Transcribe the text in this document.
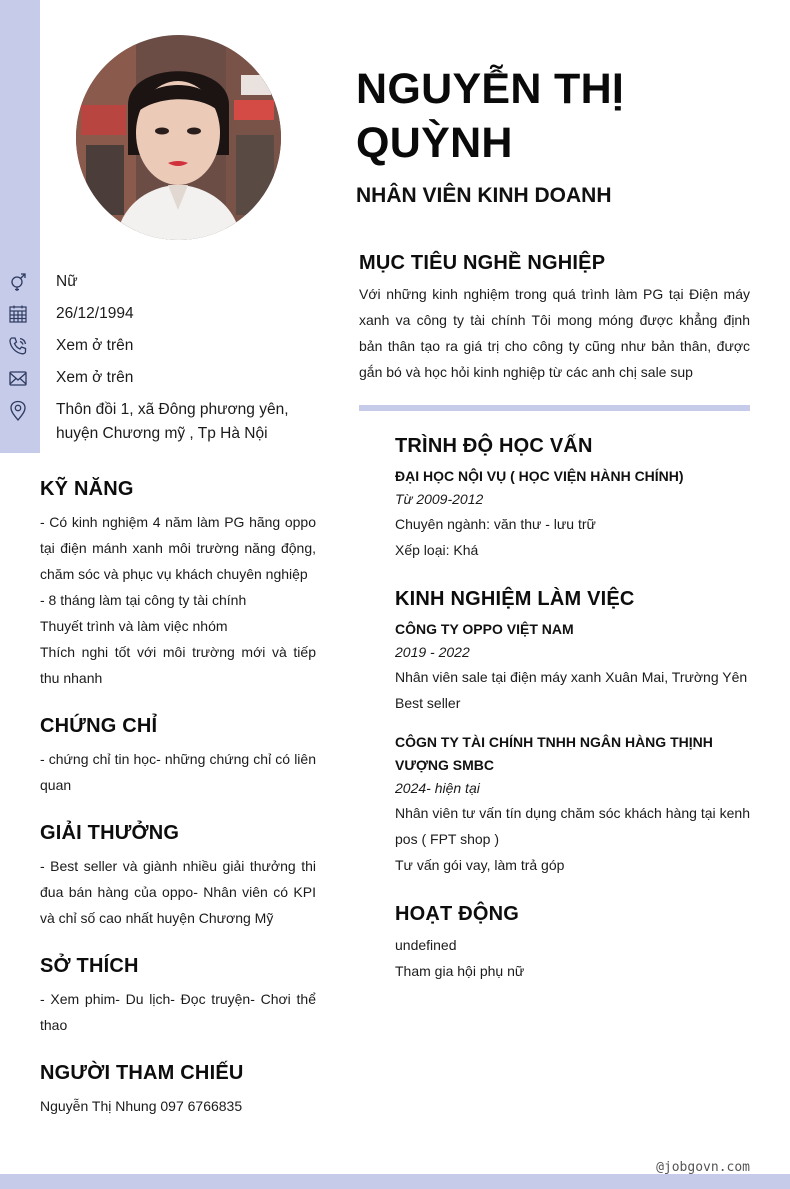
Nữ
26/12/1994
Xem ở trên
Xem ở trên
Thôn đồi 1, xã Đông phương yên, huyện Chương mỹ , Tp Hà Nội
KỸ NĂNG
- Có kinh nghiệm 4 năm làm PG hãng oppo tại điện mánh xanh môi trường năng động, chăm sóc và phục vụ khách chuyên nghiệp
- 8 tháng làm tại công ty tài chính
Thuyết trình và làm việc nhóm
Thích nghi tốt với môi trường mới và tiếp thu nhanh
CHỨNG CHỈ
- chứng chỉ tin học- những chứng chỉ có liên quan
GIẢI THƯỞNG
- Best seller và giành nhiều giải thưởng thi đua bán hàng của oppo- Nhân viên có KPI và chỉ số cao nhất huyện Chương Mỹ
SỞ THÍCH
- Xem phim- Du lịch- Đọc truyện- Chơi thể thao
NGƯỜI THAM CHIẾU
Nguyễn Thị Nhung 097 6766835
NGUYỄN THỊ QUỲNH
NHÂN VIÊN KINH DOANH
MỤC TIÊU NGHỀ NGHIỆP
Với những kinh nghiệm trong quá trình làm PG tại Điện máy xanh va công ty tài chính Tôi mong móng được khẳng định bản thân tạo ra giá trị cho công ty cũng như bản thân, được gắn bó và học hỏi kinh nghiệp từ các anh chị sale sup
TRÌNH ĐỘ HỌC VẤN
ĐẠI HỌC NỘI VỤ ( HỌC VIỆN HÀNH CHÍNH)
Từ 2009-2012
Chuyên ngành: văn thư - lưu trữ
Xếp loại: Khá
KINH NGHIỆM LÀM VIỆC
CÔNG TY OPPO VIỆT NAM
2019 - 2022
Nhân viên sale tại điện máy xanh Xuân Mai, Trường Yên
Best seller
CÔGN TY TÀI CHÍNH TNHH NGÂN HÀNG THỊNH VƯỢNG SMBC
2024- hiện tại
Nhân viên tư vấn tín dụng chăm sóc khách hàng tại kenh pos ( FPT shop )
Tư vấn gói vay, làm trả góp
HOẠT ĐỘNG
undefined
Tham gia hội phụ nữ
@jobgovn.com
